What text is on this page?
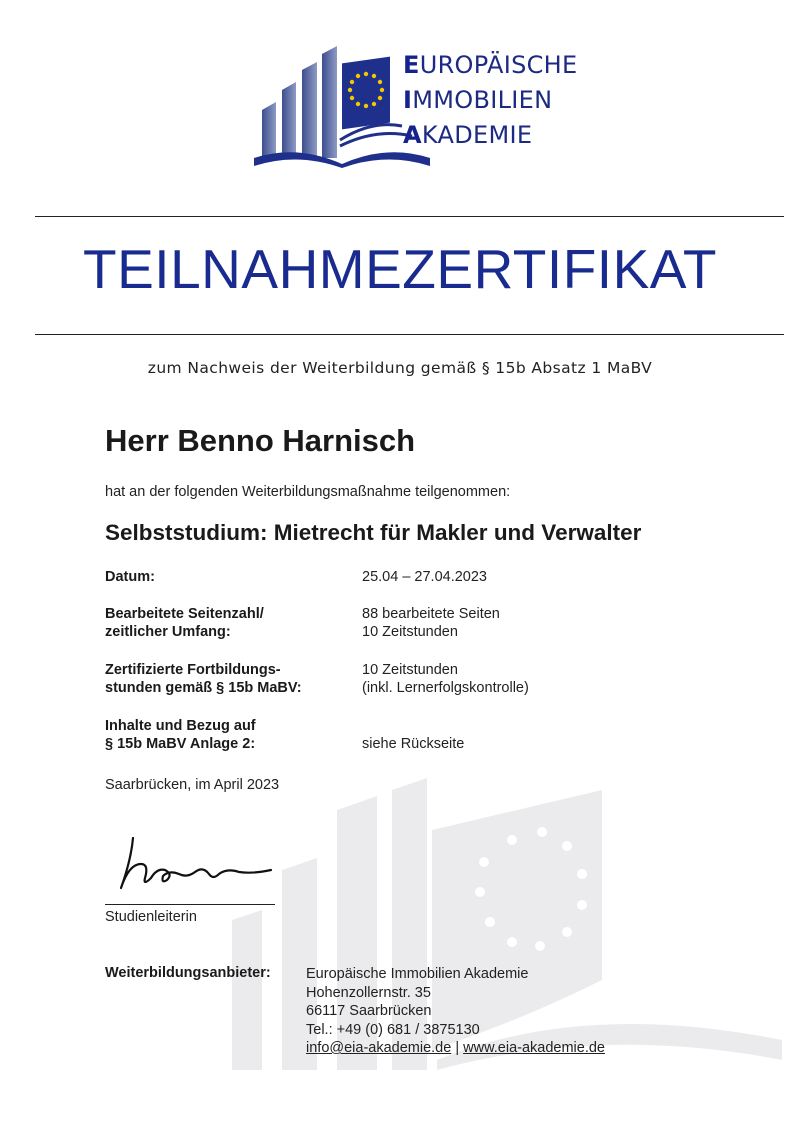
EUROPÄISCHE
IMMOBILIEN
AKADEMIE
TEILNAHMEZERTIFIKAT
zum Nachweis der Weiterbildung gemäß § 15b Absatz 1 MaBV
Herr Benno Harnisch
hat an der folgenden Weiterbildungsmaßnahme teilgenommen:
Selbststudium: Mietrecht für Makler und Verwalter
Datum:	25.04 – 27.04.2023
Bearbeitete Seitenzahl/
zeitlicher Umfang:
88 bearbeitete Seiten
10 Zeitstunden
Zertifizierte Fortbildungs-
stunden gemäß § 15b MaBV:
10 Zeitstunden
(inkl. Lernerfolgskontrolle)
Inhalte und Bezug auf
§ 15b MaBV Anlage 2:
	siehe Rückseite
Saarbrücken, im April 2023
Studienleiterin
Weiterbildungsanbieter: Europäische Immobilien Akademie
Hohenzollernstr. 35
66117 Saarbrücken
Tel.: +49 (0) 681 / 3875130
info@eia-akademie.de | www.eia-akademie.de
